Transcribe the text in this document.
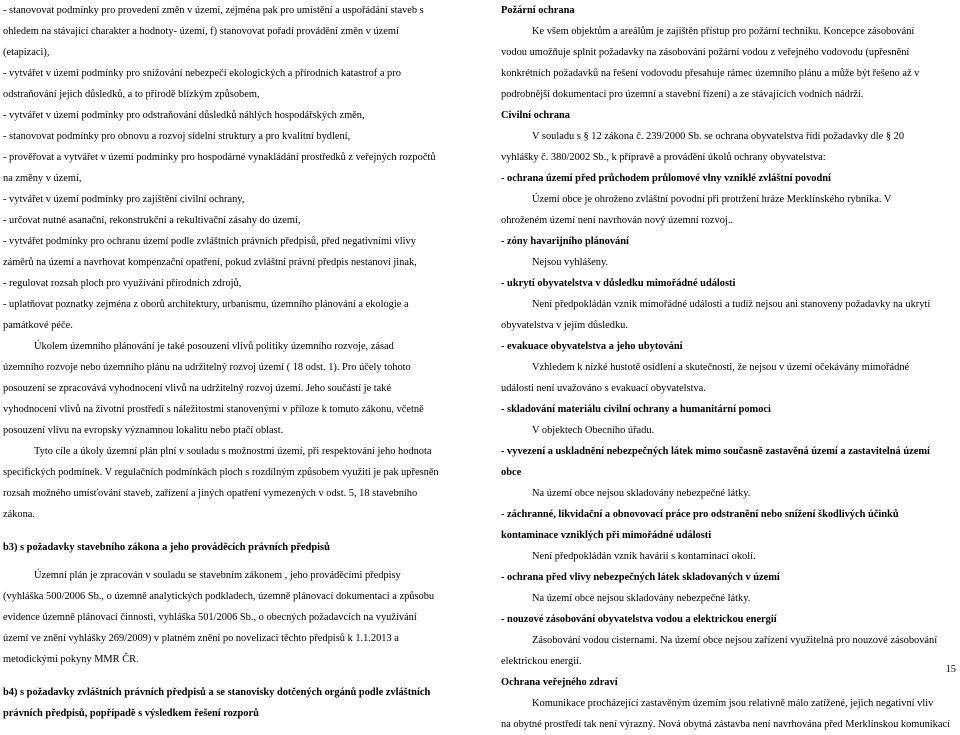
- stanovovat podmínky pro provedení změn v území, zejména pak pro umístění a uspořádání staveb s

ohledem na stávající charakter a hodnoty- území, f) stanovovat pořadí provádění změn v území

(etapizaci),

- vytvářet v území podmínky pro snižování nebezpečí ekologických a přírodních katastrof a pro

odstraňování jejich důsledků, a to přírodě blízkým způsobem,

- vytvářet v území podmínky pro odstraňování důsledků náhlých hospodářských změn,

- stanovovat podmínky pro obnovu a rozvoj sídelní struktury a pro kvalitní bydlení,

- prověřovat a vytvářet v území podmínky pro hospodárné vynakládání prostředků z veřejných rozpočtů

na změny v území,

- vytvářet v území podmínky pro zajištění civilní ochrany,

- určovat nutné asanační, rekonstrukční a rekultivační zásahy do území,

- vytvářet podmínky pro ochranu území podle zvláštních právních předpisů, před negativními vlivy

záměrů na území a navrhovat kompenzační opatření, pokud zvláštní právní předpis nestanoví jinak,

- regulovat rozsah ploch pro využívání přírodních zdrojů,

- uplatňovat poznatky zejména z oborů architektury, urbanismu, územního plánování a ekologie a

památkové péče.

Úkolem územního plánování je také posouzení vlivů politiky územního rozvoje, zásad

územního rozvoje nebo územního plánu na udržitelný rozvoj území ( 18 odst. 1). Pro účely tohoto

posouzení se zpracovává vyhodnocení vlivů na udržitelný rozvoj území. Jeho součástí je také

vyhodnocení vlivů na životní prostředí s náležitostmi stanovenými v příloze k tomuto zákonu, včetně

posouzení vlivu na evropsky významnou lokalitu nebo ptačí oblast.

Tyto cíle a úkoly územní plán plní v souladu s možnostmi území, při respektování jeho hodnota

specifických podmínek. V regulačních podmínkách ploch s rozdílným způsobem využití je pak upřesněn

rozsah možného umísťování staveb, zařízení a jiných opatření vymezených v odst. 5, 18 stavebního

zákona.

b3) s požadavky stavebního zákona a jeho prováděcích právních předpisů

Územní plán je zpracován v souladu se stavebním zákonem , jeho prováděcími předpisy

(vyhláška 500/2006 Sb., o územně analytických podkladech, územně plánovací dokumentaci a způsobu

evidence územně plánovací činnosti, vyhláška 501/2006 Sb., o obecných požadavcích na využívání

území ve znění vyhlášky 269/2009) v platném znění po novelizaci těchto předpisů k 1.1.2013 a

metodickými pokyny MMR ČR.

b4) s požadavky zvláštních právních předpisů a se stanovisky dotčených orgánů podle zvláštních

právních předpisů, popřípadě s výsledkem řešení rozporů

Požární ochrana

Ke všem objektům a areálům je zajištěn přístup pro požární techniku. Koncepce zásobování

vodou umožňuje splnit požadavky na zásobování požární vodou z veřejného vodovodu (upřesnění

konkrétních požadavků na řešení vodovodu přesahuje rámec územního plánu a může být řešeno až v

podrobnější dokumentaci pro územní a stavební řízení) a ze stávajících vodních nádrží.

Civilní ochrana

V souladu s § 12 zákona č. 239/2000 Sb. se ochrana obyvatelstva řídí požadavky dle § 20

vyhlášky č. 380/2002 Sb., k přípravě a provádění úkolů ochrany obyvatelstva:

- ochrana území před průchodem průlomové vlny vzniklé zvláštní povodní

Území obce je ohroženo zvláštní povodní při protržení hráze Merklínského rybníka. V

ohroženém území není navrhován nový územní rozvoj..

- zóny havarijního plánování

Nejsou vyhlášeny.

- ukrytí obyvatelstva v důsledku mimořádné události

Není předpokládán vznik mimořádné události a tudíž nejsou ani stanoveny požadavky na ukrytí

obyvatelstva v jejím důsledku.

- evakuace obyvatelstva a jeho ubytování

Vzhledem k nízké hustotě osídlení a skutečnosti, že nejsou v území očekávány mimořádné

události není uvažováno s evakuací obyvatelstva.

- skladování materiálu civilní ochrany a humanitární pomoci

V objektech Obecního úřadu.

- vyvezení a uskladnění nebezpečných látek mimo současně zastavěná území a zastavitelná území

obce

Na území obce nejsou skladovány nebezpečné látky.

- záchranné, likvidační a obnovovací práce pro odstranění nebo snížení škodlivých účinků

kontaminace vzniklých při mimořádné události

Není předpokládán vznik havárií s kontaminací okolí.

- ochrana před vlivy nebezpečných látek skladovaných v území

Na území obce nejsou skladovány nebezpečné látky.

- nouzové zásobování obyvatelstva vodou a elektrickou energií

Zásobování vodou cisternami. Na území obce nejsou zařízení využitelná pro nouzové zásobování

elektrickou energií.

Ochrana veřejného zdraví

Komunikace procházející zastavěným územím jsou relativně málo zatížené, jejich negativní vliv

na obytné prostředí tak není výrazný. Nová obytná zástavba není navrhována před Merklínskou komunikací

15
